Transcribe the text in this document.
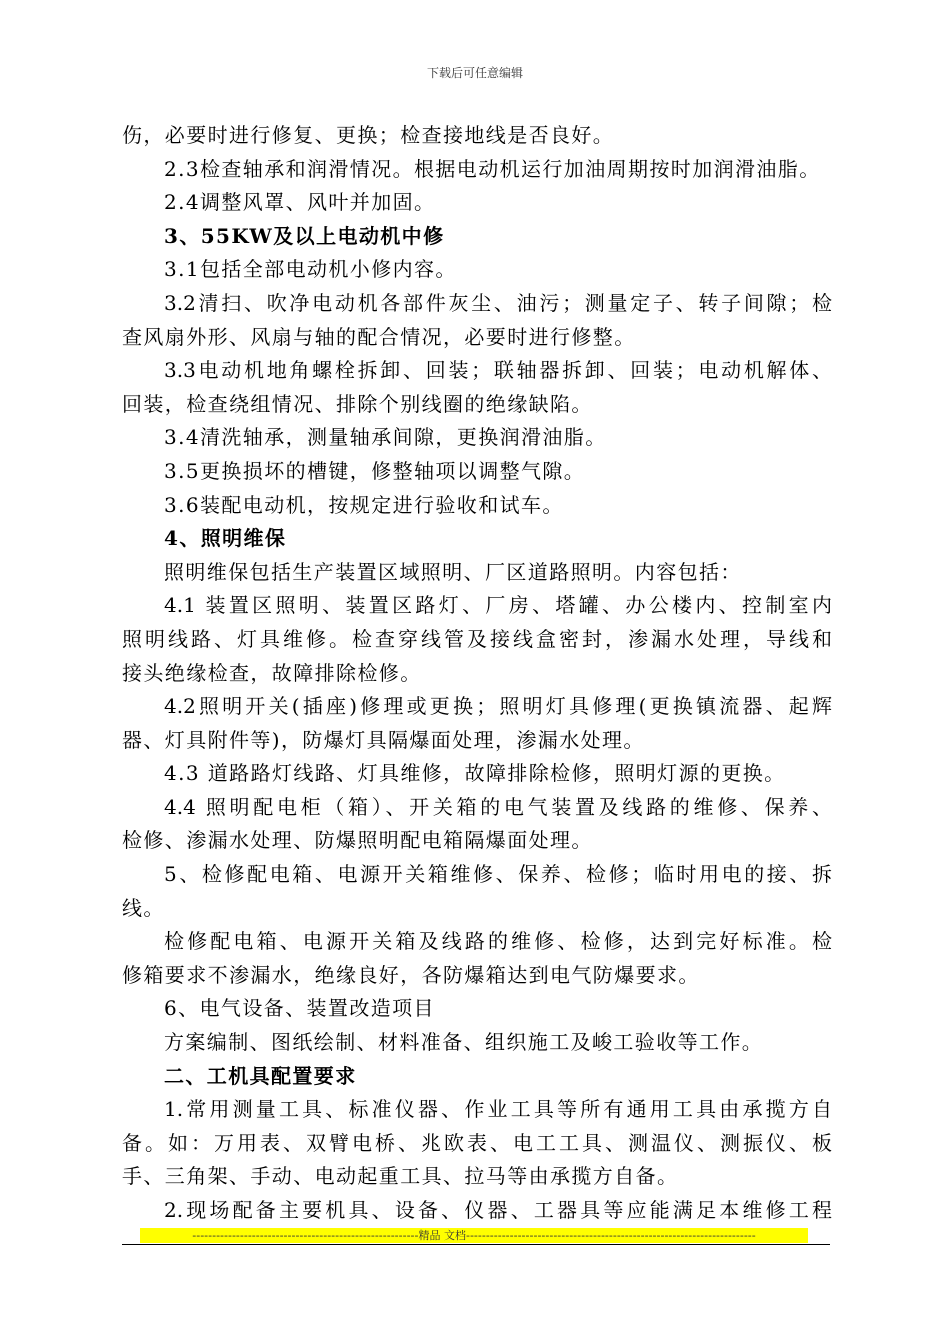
下载后可任意编辑
伤，必要时进行修复、更换；检查接地线是否良好。
2.3检查轴承和润滑情况。根据电动机运行加油周期按时加润滑油脂。
2.4调整风罩、风叶并加固。
3、55KW及以上电动机中修
3.1包括全部电动机小修内容。
3.2清扫、吹净电动机各部件灰尘、油污；测量定子、转子间隙；检
查风扇外形、风扇与轴的配合情况，必要时进行修整。
3.3电动机地角螺栓拆卸、回装；联轴器拆卸、回装；电动机解体、
回装，检查绕组情况、排除个别线圈的绝缘缺陷。
3.4清洗轴承，测量轴承间隙，更换润滑油脂。
3.5更换损坏的槽键，修整轴项以调整气隙。
3.6装配电动机，按规定进行验收和试车。
4、照明维保
照明维保包括生产装置区域照明、厂区道路照明。内容包括：
4.1 装置区照明、装置区路灯、厂房、塔罐、办公楼内、控制室内
照明线路、灯具维修。检查穿线管及接线盒密封，渗漏水处理，导线和
接头绝缘检查，故障排除检修。
4.2照明开关(插座)修理或更换；照明灯具修理(更换镇流器、起辉
器、灯具附件等)，防爆灯具隔爆面处理，渗漏水处理。
4.3 道路路灯线路、灯具维修，故障排除检修，照明灯源的更换。
4.4 照明配电柜（箱）、开关箱的电气装置及线路的维修、保养、
检修、渗漏水处理、防爆照明配电箱隔爆面处理。
5、检修配电箱、电源开关箱维修、保养、检修；临时用电的接、拆
线。
检修配电箱、电源开关箱及线路的维修、检修，达到完好标准。检
修箱要求不渗漏水，绝缘良好，各防爆箱达到电气防爆要求。
6、电气设备、装置改造项目
方案编制、图纸绘制、材料准备、组织施工及峻工验收等工作。
二、工机具配置要求
1.常用测量工具、标准仪器、作业工具等所有通用工具由承揽方自
备。如：万用表、双臂电桥、兆欧表、电工工具、测温仪、测振仪、板
手、三角架、手动、电动起重工具、拉马等由承揽方自备。
2.现场配备主要机具、设备、仪器、工器具等应能满足本维修工程
---------------------------------------------------------精品 文档-------------------------------------------------------------------------
